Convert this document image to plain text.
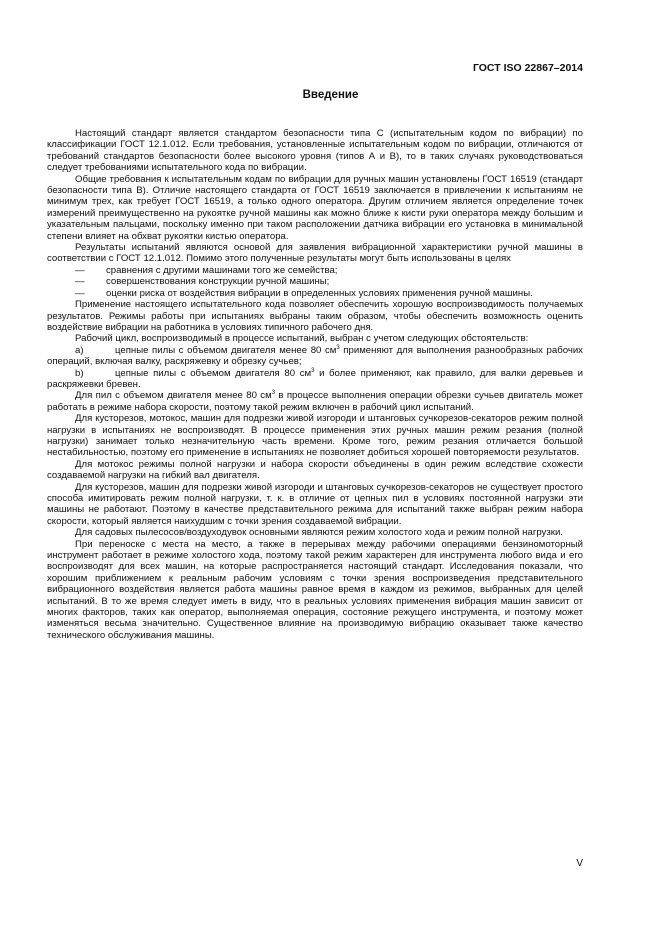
ГОСТ ISO 22867–2014
Введение

Настоящий стандарт является стандартом безопасности типа С (испытательным кодом по вибрации) по классификации ГОСТ 12.1.012. Если требования, установленные испытательным кодом по вибрации, отличаются от требований стандартов безопасности более высокого уровня (типов А и В), то в таких случаях руководствоваться следует требованиями испытательного кода по вибрации.

Общие требования к испытательным кодам по вибрации для ручных машин установлены ГОСТ 16519 (стандарт безопасности типа В). Отличие настоящего стандарта от ГОСТ 16519 заключается в привлечении к испытаниям не минимум трех, как требует ГОСТ 16519, а только одного оператора. Другим отличием является определение точек измерений преимущественно на рукоятке ручной машины как можно ближе к кисти руки оператора между большим и указательным пальцами, поскольку именно при таком расположении датчика вибрации его установка в минимальной степени влияет на обхват рукоятки кистью оператора.

Результаты испытаний являются основой для заявления вибрационной характеристики ручной машины в соответствии с ГОСТ 12.1.012. Помимо этого полученные результаты могут быть использованы в целях

— сравнения с другими машинами того же семейства;
— совершенствования конструкции ручной машины;
— оценки риска от воздействия вибрации в определенных условиях применения ручной машины.

Применение настоящего испытательного кода позволяет обеспечить хорошую воспроизводимость получаемых результатов. Режимы работы при испытаниях выбраны таким образом, чтобы обеспечить возможность оценить воздействие вибрации на работника в условиях типичного рабочего дня.

Рабочий цикл, воспроизводимый в процессе испытаний, выбран с учетом следующих обстоятельств:

а)	цепные пилы с объемом двигателя менее 80 $см^3$ применяют для выполнения разнообразных рабочих операций, включая валку, раскряжевку и обрезку сучьев;
b)	цепные пилы с объемом двигателя 80 $см^3$ и более применяют, как правило, для валки деревьев и раскряжевки бревен.

Для пил с объемом двигателя менее 80 $см^3$ в процессе выполнения операции обрезки сучьев двигатель может работать в режиме набора скорости, поэтому такой режим включен в рабочий цикл испытаний.

Для кусторезов, мотокос, машин для подрезки живой изгороди и штанговых сучкорезов-секаторов режим полной нагрузки в испытаниях не воспроизводят. В процессе применения этих ручных машин режим резания (полной нагрузки) занимает только незначительную часть времени. Кроме того, режим резания отличается большой нестабильностью, поэтому его применение в испытаниях не позволяет добиться хорошей повторяемости результатов.

Для мотокос режимы полной нагрузки и набора скорости объединены в один режим вследствие схожести создаваемой нагрузки на гибкий вал двигателя.

Для кусторезов, машин для подрезки живой изгороди и штанговых сучкорезов-секаторов не существует простого способа имитировать режим полной нагрузки, т. к. в отличие от цепных пил в условиях постоянной нагрузки эти машины не работают. Поэтому в качестве представительного режима для испытаний также выбран режим набора скорости, который является наихудшим с точки зрения создаваемой вибрации.

Для садовых пылесосов/воздуходувок основными являются режим холостого хода и режим полной нагрузки.

При переноске с места на место, а также в перерывах между рабочими операциями бензиномоторный инструмент работает в режиме холостого хода, поэтому такой режим характерен для инструмента любого вида и его воспроизводят для всех машин, на которые распространяется настоящий стандарт. Исследования показали, что хорошим приближением к реальным рабочим условиям с точки зрения воспроизведения представительного вибрационного воздействия является работа машины равное время в каждом из режимов, выбранных для целей испытаний. В то же время следует иметь в виду, что в реальных условиях применения вибрация машин зависит от многих факторов, таких как оператор, выполняемая операция, состояние режущего инструмента, и поэтому может изменяться весьма значительно. Существенное влияние на производимую вибрацию оказывает также качество технического обслуживания машины.

V
